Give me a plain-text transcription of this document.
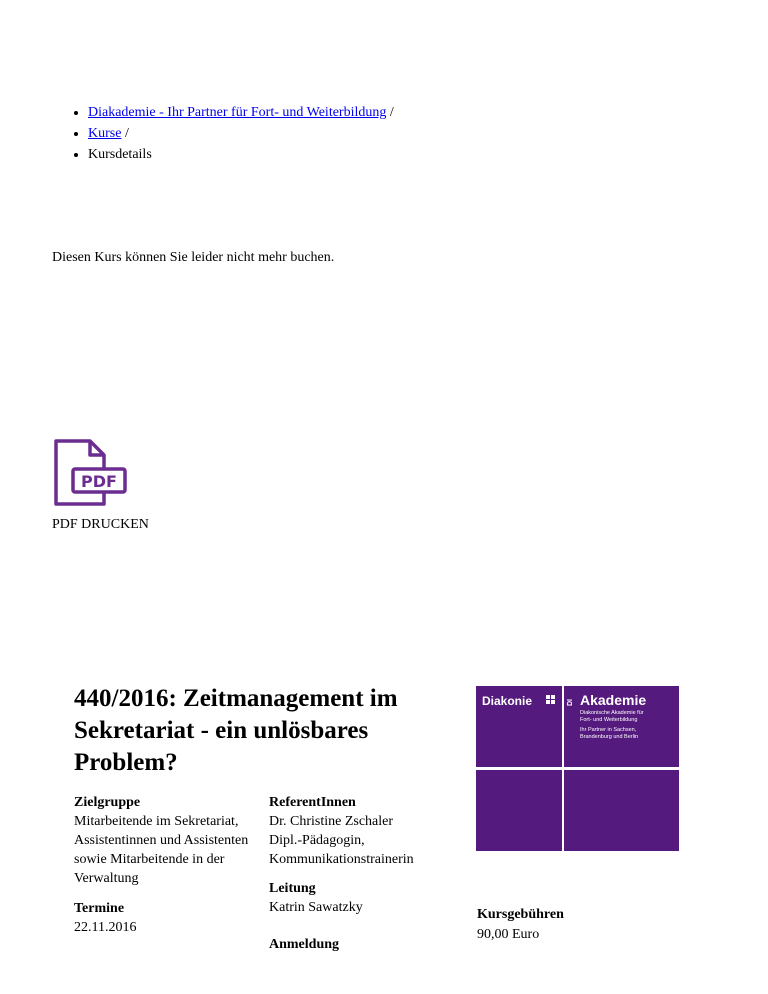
• Diakademie - Ihr Partner für Fort- und Weiterbildung /
• Kurse /
• Kursdetails

Diesen Kurs können Sie leider nicht mehr buchen.

PDF
PDF DRUCKEN
440/2016: Zeitmanagement im Sekretariat - ein unlösbares Problem?

Zielgruppe

Mitarbeitende im Sekretariat,

Assistentinnen und Assistenten

sowie Mitarbeitende in der

Verwaltung

Termine

22.11.2016

ReferentInnen

Dr. Christine Zschaler

Dipl.-Pädagogin,

Kommunikationstrainerin

Leitung

Katrin Sawatzky

Anmeldung

Diakonie	DI Akademie
Diakonische Akademie für
Fort- und Weiterbildung
Ihr Partner in Sachsen,
Brandenburg und Berlin
Kursgebühren
90,00 Euro
